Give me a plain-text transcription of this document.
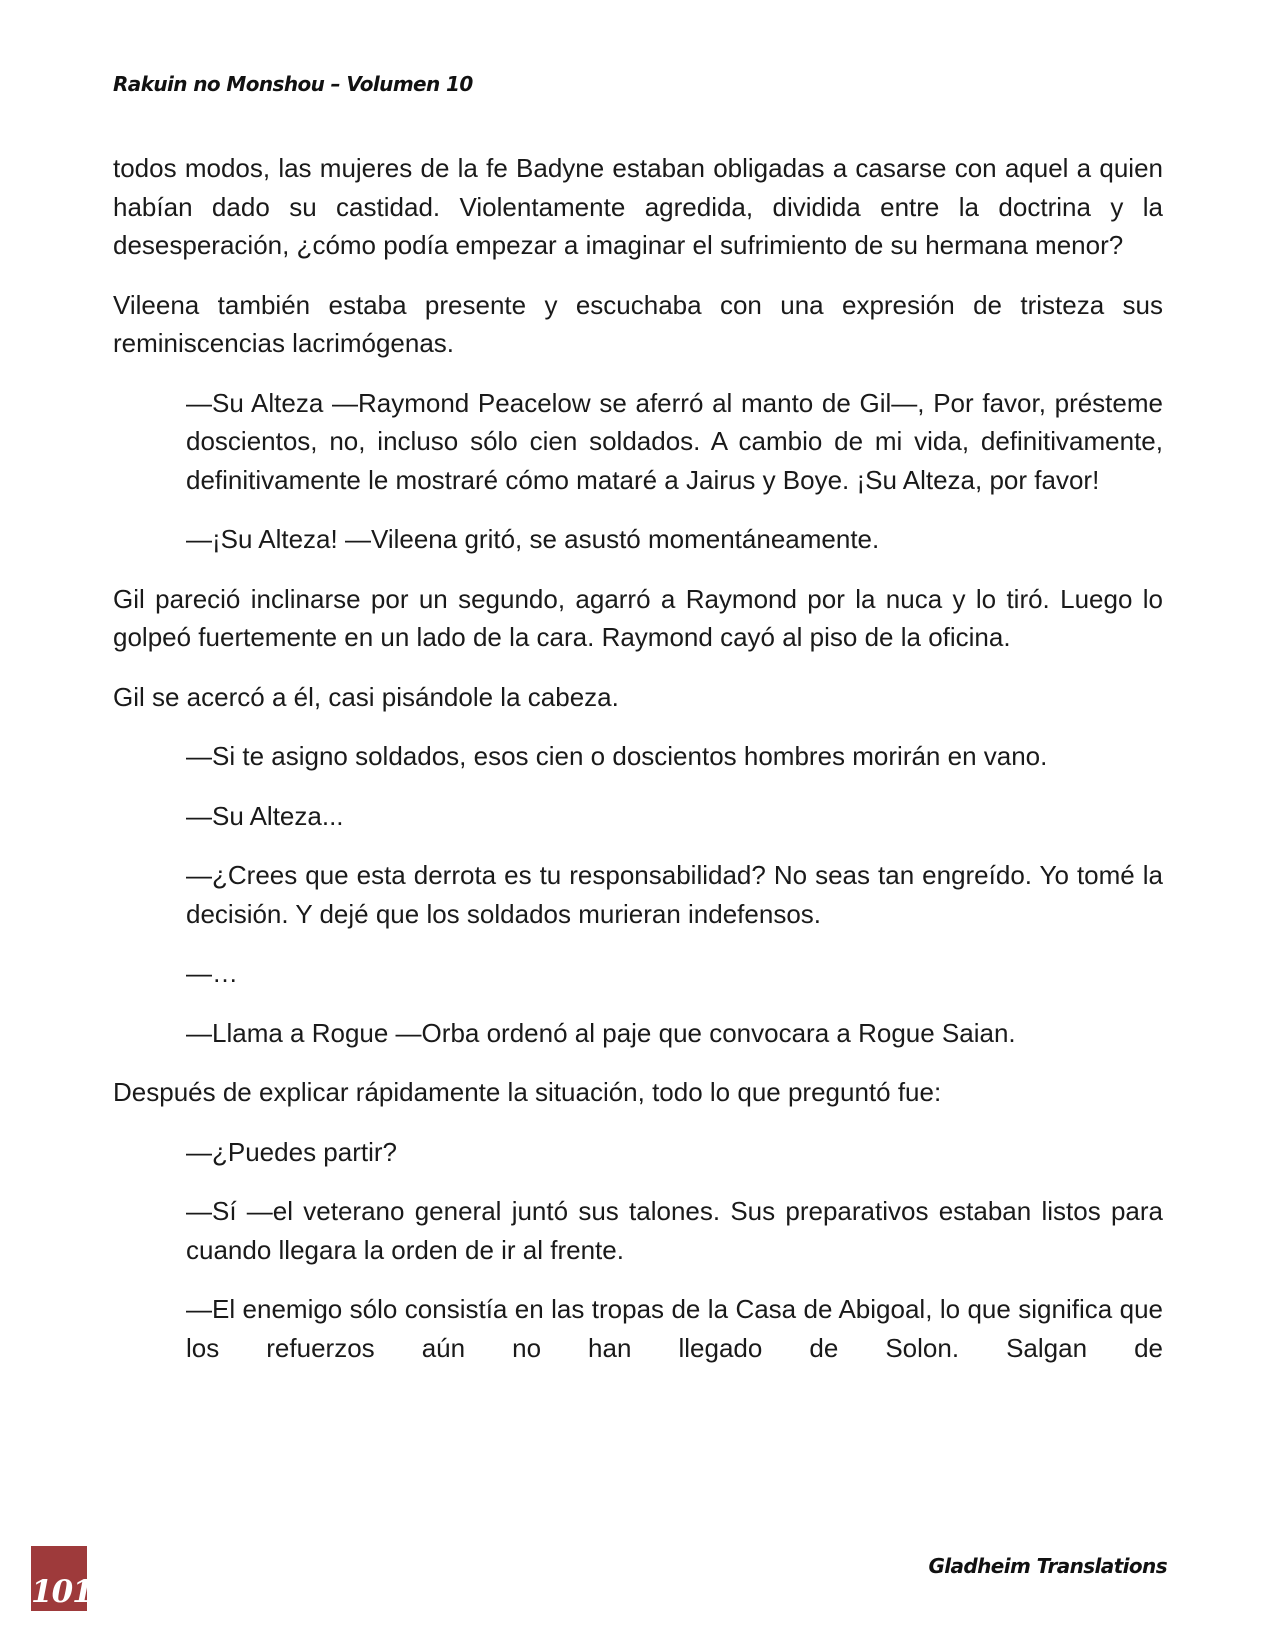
Rakuin no Monshou – Volumen 10

todos modos, las mujeres de la fe Badyne estaban obligadas a casarse con aquel a quien habían dado su castidad. Violentamente agredida, dividida entre la doctrina y la desesperación, ¿cómo podía empezar a imaginar el sufrimiento de su hermana menor?

Vileena también estaba presente y escuchaba con una expresión de tristeza sus reminiscencias lacrimógenas.

—Su Alteza —Raymond Peacelow se aferró al manto de Gil—, Por favor, présteme doscientos, no, incluso sólo cien soldados. A cambio de mi vida, definitivamente, definitivamente le mostraré cómo mataré a Jairus y Boye. ¡Su Alteza, por favor!

—¡Su Alteza! —Vileena gritó, se asustó momentáneamente.

Gil pareció inclinarse por un segundo, agarró a Raymond por la nuca y lo tiró. Luego lo golpeó fuertemente en un lado de la cara. Raymond cayó al piso de la oficina.

Gil se acercó a él, casi pisándole la cabeza.

—Si te asigno soldados, esos cien o doscientos hombres morirán en vano.

—Su Alteza...

—¿Crees que esta derrota es tu responsabilidad? No seas tan engreído. Yo tomé la decisión. Y dejé que los soldados murieran indefensos.

—…

—Llama a Rogue —Orba ordenó al paje que convocara a Rogue Saian.

Después de explicar rápidamente la situación, todo lo que preguntó fue:

—¿Puedes partir?

—Sí —el veterano general juntó sus talones. Sus preparativos estaban listos para cuando llegara la orden de ir al frente.

—El enemigo sólo consistía en las tropas de la Casa de Abigoal, lo que significa que los refuerzos aún no han llegado de Solon. Salgan de

101
Gladheim Translations
